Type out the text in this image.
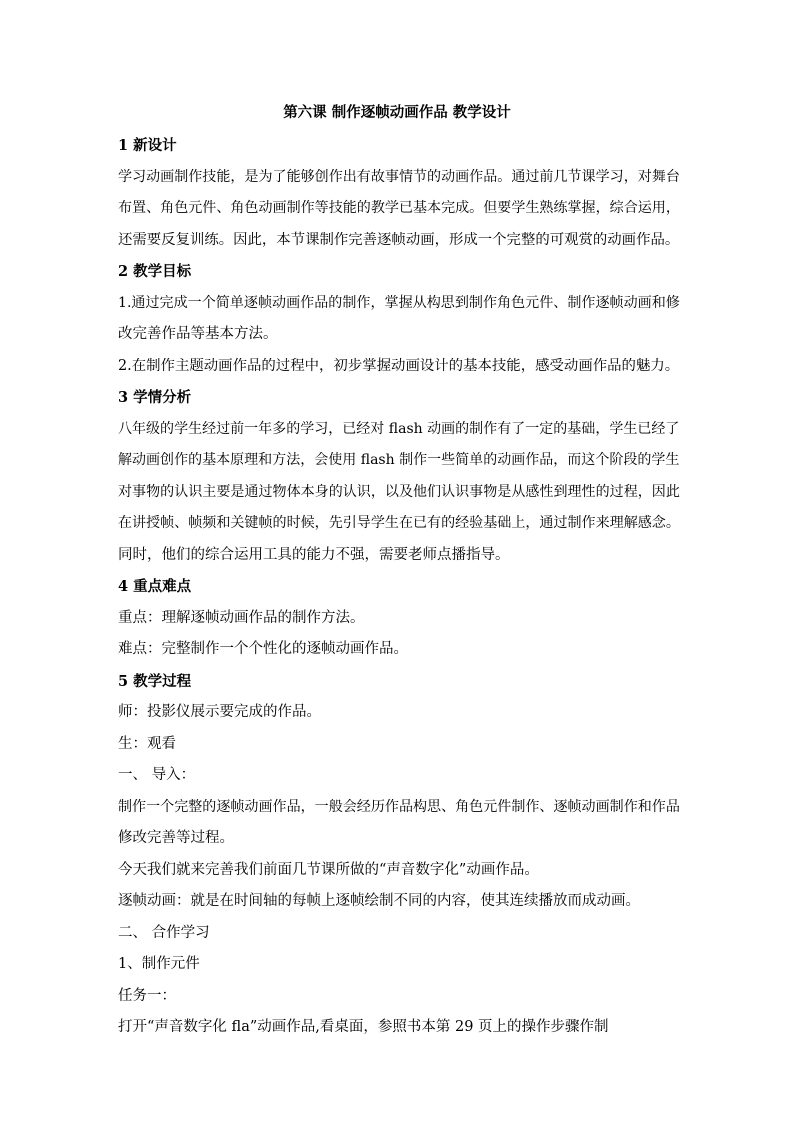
第六课 制作逐帧动画作品 教学设计
1 新设计
学习动画制作技能，是为了能够创作出有故事情节的动画作品。通过前几节课学习，对舞台
布置、角色元件、角色动画制作等技能的教学已基本完成。但要学生熟练掌握，综合运用，
还需要反复训练。因此，本节课制作完善逐帧动画，形成一个完整的可观赏的动画作品。
2 教学目标
1.通过完成一个简单逐帧动画作品的制作，掌握从构思到制作角色元件、制作逐帧动画和修
改完善作品等基本方法。
2.在制作主题动画作品的过程中，初步掌握动画设计的基本技能，感受动画作品的魅力。
3 学情分析
八年级的学生经过前一年多的学习，已经对 flash 动画的制作有了一定的基础，学生已经了
解动画创作的基本原理和方法，会使用 flash 制作一些简单的动画作品，而这个阶段的学生
对事物的认识主要是通过物体本身的认识，以及他们认识事物是从感性到理性的过程，因此
在讲授帧、帧频和关键帧的时候，先引导学生在已有的经验基础上，通过制作来理解感念。
同时，他们的综合运用工具的能力不强，需要老师点播指导。
4 重点难点
重点：理解逐帧动画作品的制作方法。
难点：完整制作一个个性化的逐帧动画作品。
5 教学过程
师：投影仪展示要完成的作品。
生：观看
一、 导入：
制作一个完整的逐帧动画作品，一般会经历作品构思、角色元件制作、逐帧动画制作和作品
修改完善等过程。
今天我们就来完善我们前面几节课所做的“声音数字化”动画作品。
逐帧动画：就是在时间轴的每帧上逐帧绘制不同的内容，使其连续播放而成动画。
二、 合作学习
1、制作元件
任务一：
打开“声音数字化 fla”动画作品,看桌面，参照书本第 29 页上的操作步骤作制
